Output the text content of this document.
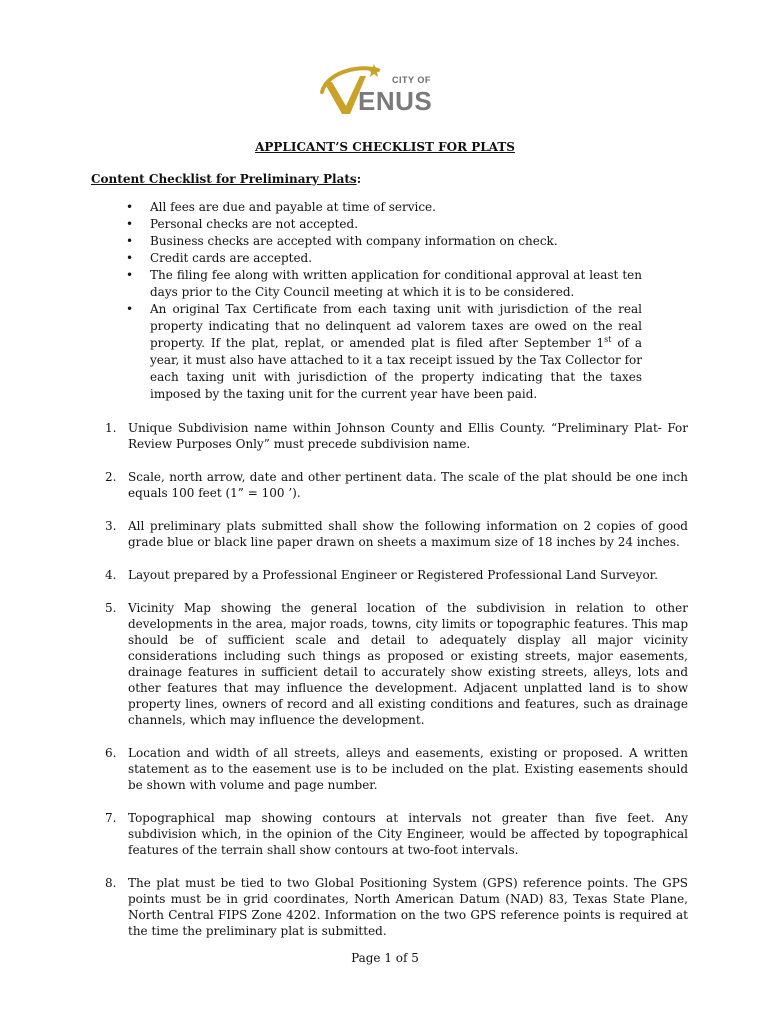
CITY OF
ENUS
APPLICANT’S CHECKLIST FOR PLATS
Content Checklist for Preliminary Plats:
• All fees are due and payable at time of service.
• Personal checks are not accepted.
• Business checks are accepted with company information on check.
• Credit cards are accepted.
• The filing fee along with written application for conditional approval at least ten days prior to the City Council meeting at which it is to be considered.
• An original Tax Certificate from each taxing unit with jurisdiction of the real property indicating that no delinquent ad valorem taxes are owed on the real property. If the plat, replat, or amended plat is filed after September 1st of a year, it must also have attached to it a tax receipt issued by the Tax Collector for each taxing unit with jurisdiction of the property indicating that the taxes imposed by the taxing unit for the current year have been paid.
1. Unique Subdivision name within Johnson County and Ellis County. “Preliminary Plat- For Review Purposes Only” must precede subdivision name.
2. Scale, north arrow, date and other pertinent data. The scale of the plat should be one inch equals 100 feet (1” = 100 ’).
3. All preliminary plats submitted shall show the following information on 2 copies of good grade blue or black line paper drawn on sheets a maximum size of 18 inches by 24 inches.
4. Layout prepared by a Professional Engineer or Registered Professional Land Surveyor.
5. Vicinity Map showing the general location of the subdivision in relation to other developments in the area, major roads, towns, city limits or topographic features. This map should be of sufficient scale and detail to adequately display all major vicinity considerations including such things as proposed or existing streets, major easements, drainage features in sufficient detail to accurately show existing streets, alleys, lots and other features that may influence the development. Adjacent unplatted land is to show property lines, owners of record and all existing conditions and features, such as drainage channels, which may influence the development.
6. Location and width of all streets, alleys and easements, existing or proposed. A written statement as to the easement use is to be included on the plat. Existing easements should be shown with volume and page number.
7. Topographical map showing contours at intervals not greater than five feet. Any subdivision which, in the opinion of the City Engineer, would be affected by topographical features of the terrain shall show contours at two-foot intervals.
8. The plat must be tied to two Global Positioning System (GPS) reference points. The GPS points must be in grid coordinates, North American Datum (NAD) 83, Texas State Plane, North Central FIPS Zone 4202. Information on the two GPS reference points is required at the time the preliminary plat is submitted.
Page 1 of 5
